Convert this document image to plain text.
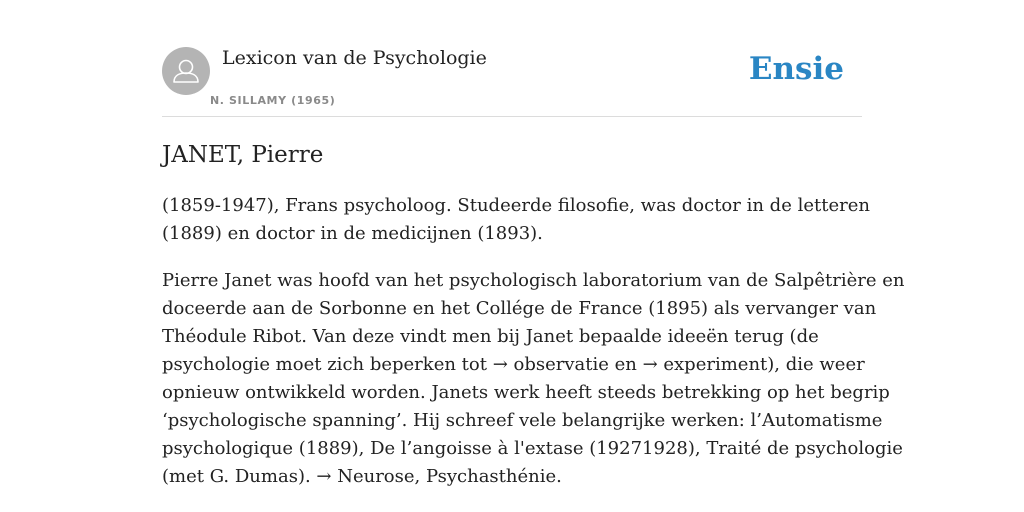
Lexicon van de Psychologie
N. SILLAMY (1965)
Ensie
JANET, Pierre
(1859-1947), Frans psycholoog. Studeerde filosofie, was doctor in de letteren
(1889) en doctor in de medicijnen (1893).
Pierre Janet was hoofd van het psychologisch laboratorium van de Salpêtrière en
doceerde aan de Sorbonne en het Collége de France (1895) als vervanger van
Théodule Ribot. Van deze vindt men bij Janet bepaalde ideeën terug (de
psychologie moet zich beperken tot → observatie en → experiment), die weer
opnieuw ontwikkeld worden. Janets werk heeft steeds betrekking op het begrip
‘psychologische spanning’. Hij schreef vele belangrijke werken: l’Automatisme
psychologique (1889), De l’angoisse à l'extase (19271928), Traité de psychologie
(met G. Dumas). → Neurose, Psychasthénie.
